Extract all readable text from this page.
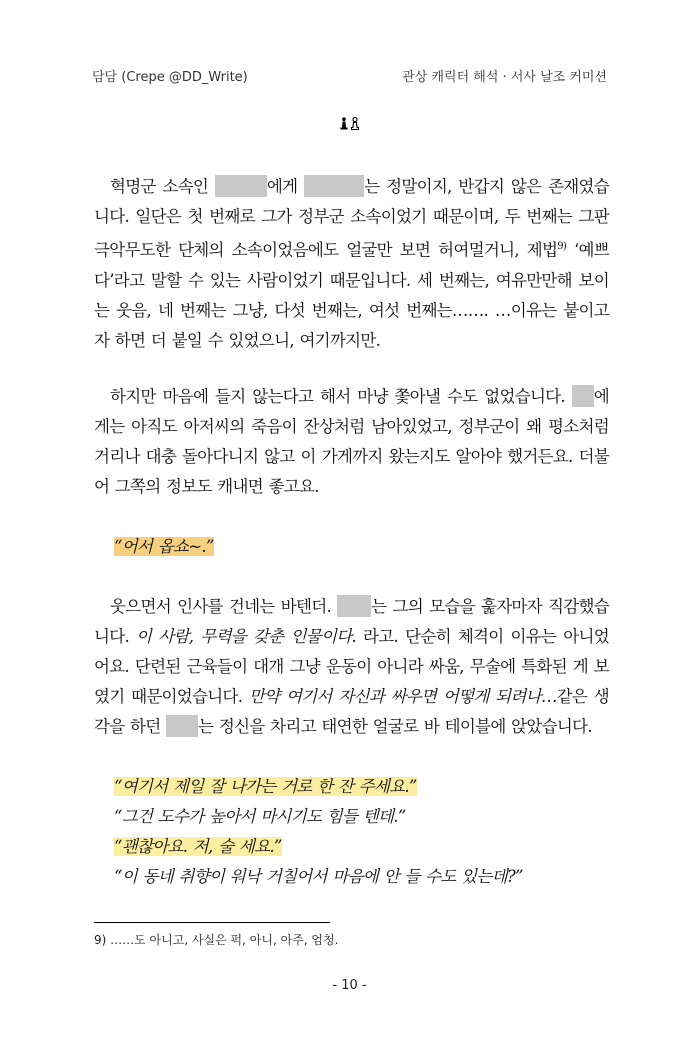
담담 (Crepe @DD_Write)	관상 캐릭터 해석 · 서사 날조 커미션

혁명군 소속인	에게	는 정말이지, 반갑지 않은 존재였습니다. 일단은 첫 번째로 그가 정부군 소속이었기 때문이며, 두 번째는 그판 극악무도한 단체의 소속이었음에도 얼굴만 보면 허여멀거니, 제법$^{9)}$ ‘예쁘다’라고 말할 수 있는 사람이었기 때문입니다. 세 번째는, 여유만만해 보이는 웃음, 네 번째는 그냥, 다섯 번째는, 여섯 번째는……. …이유는 붙이고자 하면 더 붙일 수 있었으니, 여기까지만.

하지만 마음에 들지 않는다고 해서 마냥 쫓아낼 수도 없었습니다. 에게는 아직도 아저씨의 죽음이 잔상처럼 남아있었고, 정부군이 왜 평소처럼 거리나 대충 돌아다니지 않고 이 가게까지 왔는지도 알아야 했거든요. 더불어 그쪽의 정보도 캐내면 좋고요.

“어서 옵쇼~.”

웃으면서 인사를 건네는 바텐더. 는 그의 모습을 훑자마자 직감했습니다. 이 사람, 무력을 갖춘 인물이다. 라고. 단순히 체격이 이유는 아니었어요. 단련된 근육들이 대개 그냥 운동이 아니라 싸움, 무술에 특화된 게 보였기 때문이었습니다. 만약 여기서 자신과 싸우면 어떻게 되려나…같은 생각을 하던 는 정신을 차리고 태연한 얼굴로 바 테이블에 앉았습니다.

“여기서 제일 잘 나가는 거로 한 잔 주세요.”

“그건 도수가 높아서 마시기도 힘들 텐데.”

“괜찮아요. 저, 술 세요.”

“이 동네 취향이 워낙 거칠어서 마음에 안 들 수도 있는데?”

9) ……도 아니고, 사실은 퍽, 아니, 아주, 엄청.
- 10 -
